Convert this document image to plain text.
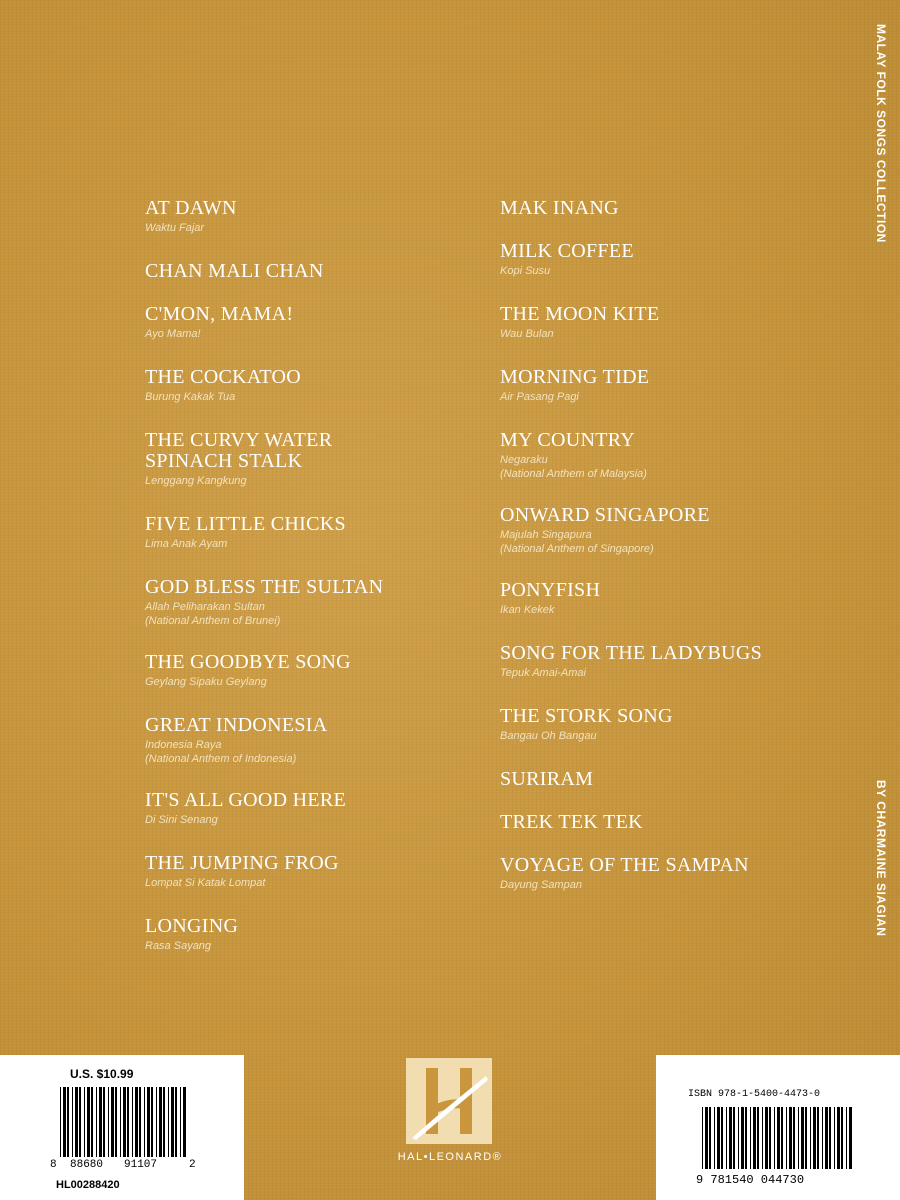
AT DAWN
Waktu Fajar
CHAN MALI CHAN
C'MON, MAMA!
Ayo Mama!
THE COCKATOO
Burung Kakak Tua
THE CURVY WATER SPINACH STALK
Lenggang Kangkung
FIVE LITTLE CHICKS
Lima Anak Ayam
GOD BLESS THE SULTAN
Allah Peliharakan Sultan
(National Anthem of Brunei)
THE GOODBYE SONG
Geylang Sipaku Geylang
GREAT INDONESIA
Indonesia Raya
(National Anthem of Indonesia)
IT'S ALL GOOD HERE
Di Sini Senang
THE JUMPING FROG
Lompat Si Katak Lompat
LONGING
Rasa Sayang
MAK INANG
MILK COFFEE
Kopi Susu
THE MOON KITE
Wau Bulan
MORNING TIDE
Air Pasang Pagi
MY COUNTRY
Negaraku
(National Anthem of Malaysia)
ONWARD SINGAPORE
Majulah Singapura
(National Anthem of Singapore)
PONYFISH
Ikan Kekek
SONG FOR THE LADYBUGS
Tepuk Amai-Amai
THE STORK SONG
Bangau Oh Bangau
SURIRAM
TREK TEK TEK
VOYAGE OF THE SAMPAN
Dayung Sampan
MALAY FOLK SONGS COLLECTION
BY CHARMAINE SIAGIAN
U.S. $10.99
8 88680 91107	2
HL00288420
HAL•LEONARD®
ISBN 978-1-5400-4473-0
9 781540 044730
